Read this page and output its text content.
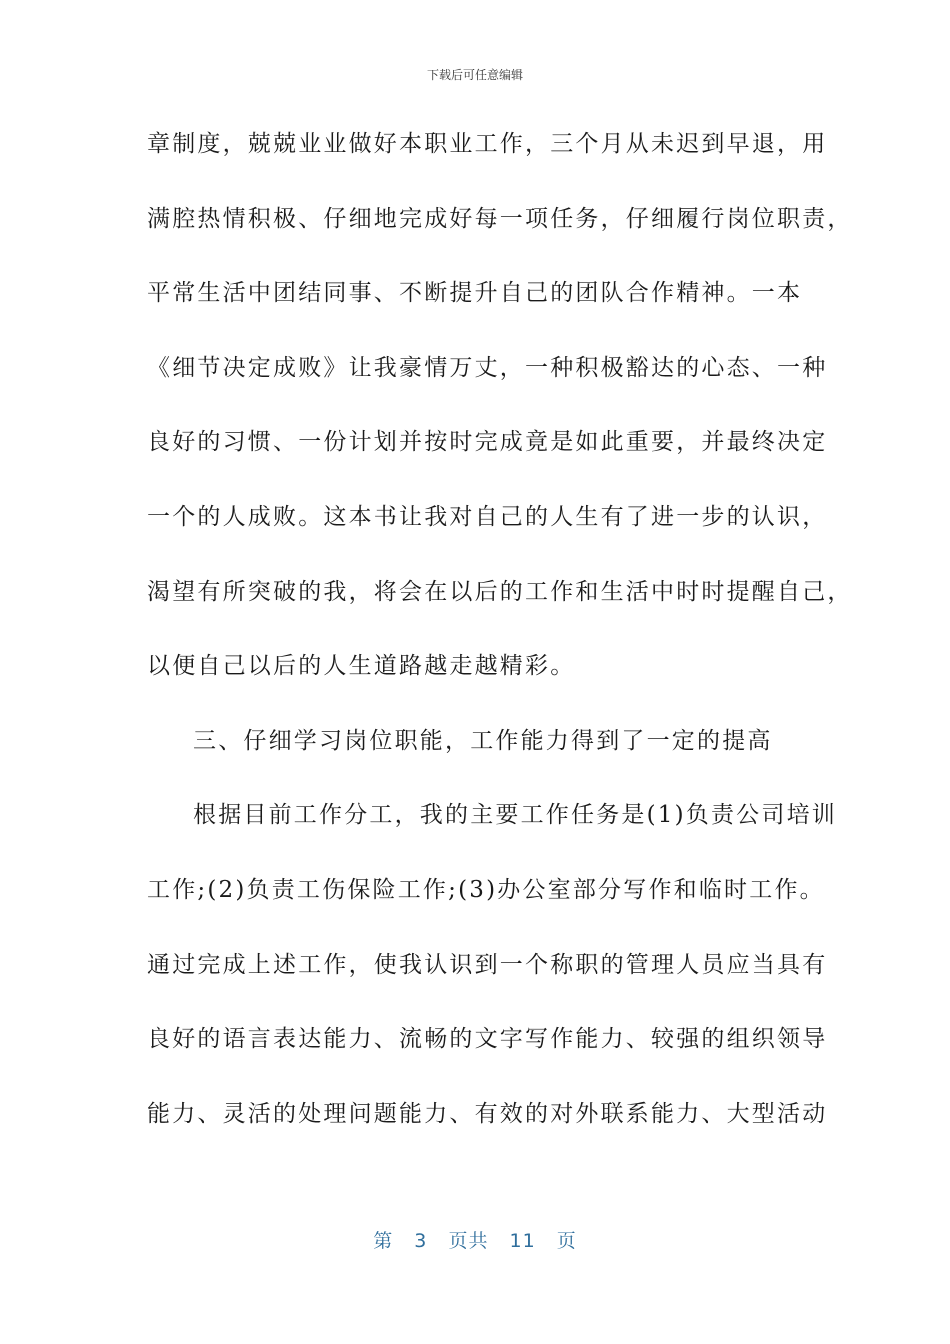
下载后可任意编辑
章制度，兢兢业业做好本职业工作，三个月从未迟到早退，用
满腔热情积极、仔细地完成好每一项任务，仔细履行岗位职责，
平常生活中团结同事、不断提升自己的团队合作精神。一本
《细节决定成败》让我豪情万丈，一种积极豁达的心态、一种
良好的习惯、一份计划并按时完成竟是如此重要，并最终决定
一个的人成败。这本书让我对自己的人生有了进一步的认识，
渴望有所突破的我，将会在以后的工作和生活中时时提醒自己，
以便自己以后的人生道路越走越精彩。
三、仔细学习岗位职能，工作能力得到了一定的提高
根据目前工作分工，我的主要工作任务是(1)负责公司培训
工作;(2)负责工伤保险工作;(3)办公室部分写作和临时工作。
通过完成上述工作，使我认识到一个称职的管理人员应当具有
良好的语言表达能力、流畅的文字写作能力、较强的组织领导
能力、灵活的处理问题能力、有效的对外联系能力、大型活动
第 3 页共 11 页
